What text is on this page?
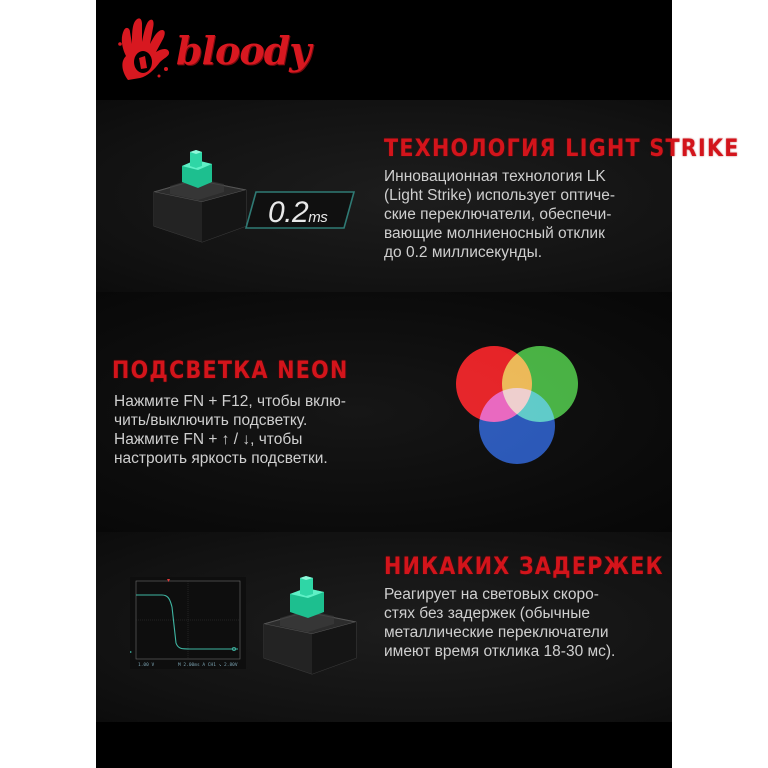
bloody
0.2ms
ТЕХНОЛОГИЯ LIGHT STRIKE
Инновационная технология LK
(Light Strike) использует оптиче-
ские переключатели, обеспечи-
вающие молниеносный отклик
до 0.2 миллисекунды.
ПОДСВЕТКА NEON
Нажмите FN + F12, чтобы вклю-
чить/выключить подсветку.
Нажмите FN + ↑ / ↓, чтобы
настроить яркость подсветки.
▸
1.00 V	M 2.00ms A CH1 ↘ 2.80V
НИКАКИХ ЗАДЕРЖЕК
Реагирует на световых скоро-
стях без задержек (обычные
металлические переключатели
имеют время отклика 18-30 мс).
